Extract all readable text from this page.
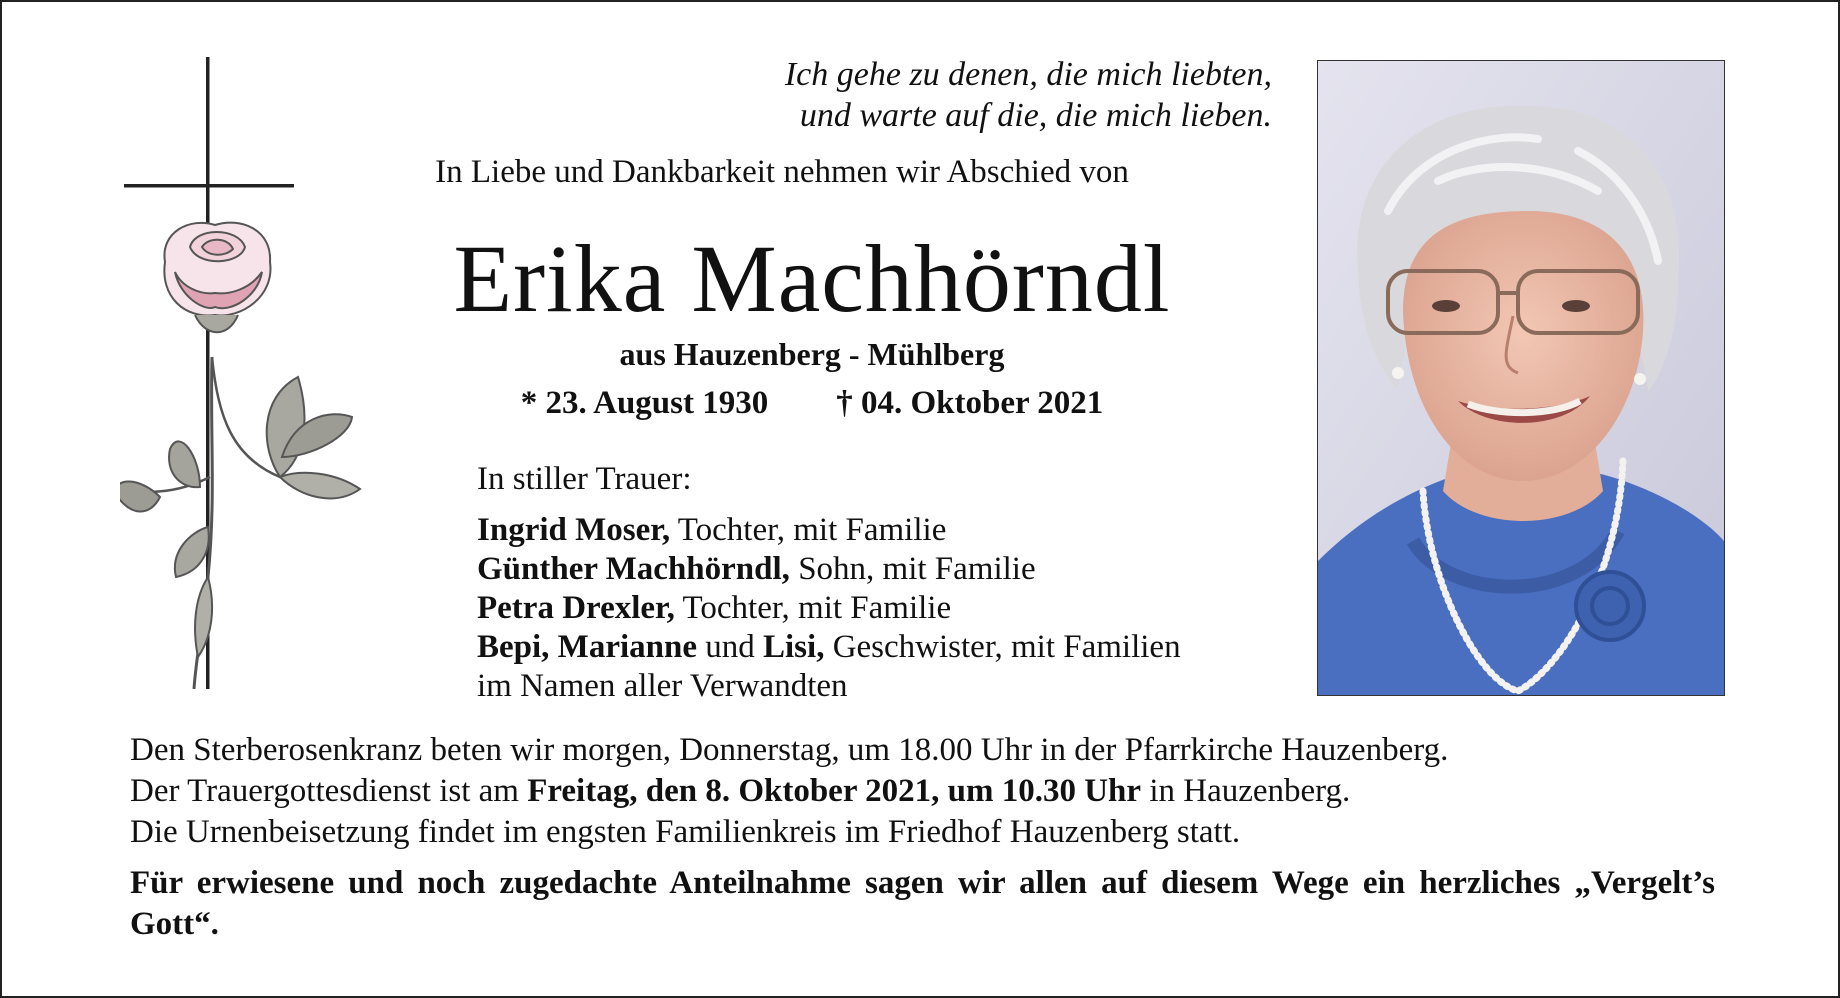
Ich gehe zu denen, die mich liebten,
und warte auf die, die mich lieben.
In Liebe und Dankbarkeit nehmen wir Abschied von
Erika Machhörndl
aus Hauzenberg - Mühlberg
* 23. August 1930 † 04. Oktober 2021
In stiller Trauer:
Ingrid Moser, Tochter, mit Familie
Günther Machhörndl, Sohn, mit Familie
Petra Drexler, Tochter, mit Familie
Bepi, Marianne und Lisi, Geschwister, mit Familien
im Namen aller Verwandten
Den Sterberosenkranz beten wir morgen, Donnerstag, um 18.00 Uhr in der Pfarrkirche Hauzenberg.
Der Trauergottesdienst ist am Freitag, den 8. Oktober 2021, um 10.30 Uhr in Hauzenberg.
Die Urnenbeisetzung findet im engsten Familienkreis im Friedhof Hauzenberg statt.
Für erwiesene und noch zugedachte Anteilnahme sagen wir allen auf diesem Wege ein herzliches „Vergelt’s Gott“.
